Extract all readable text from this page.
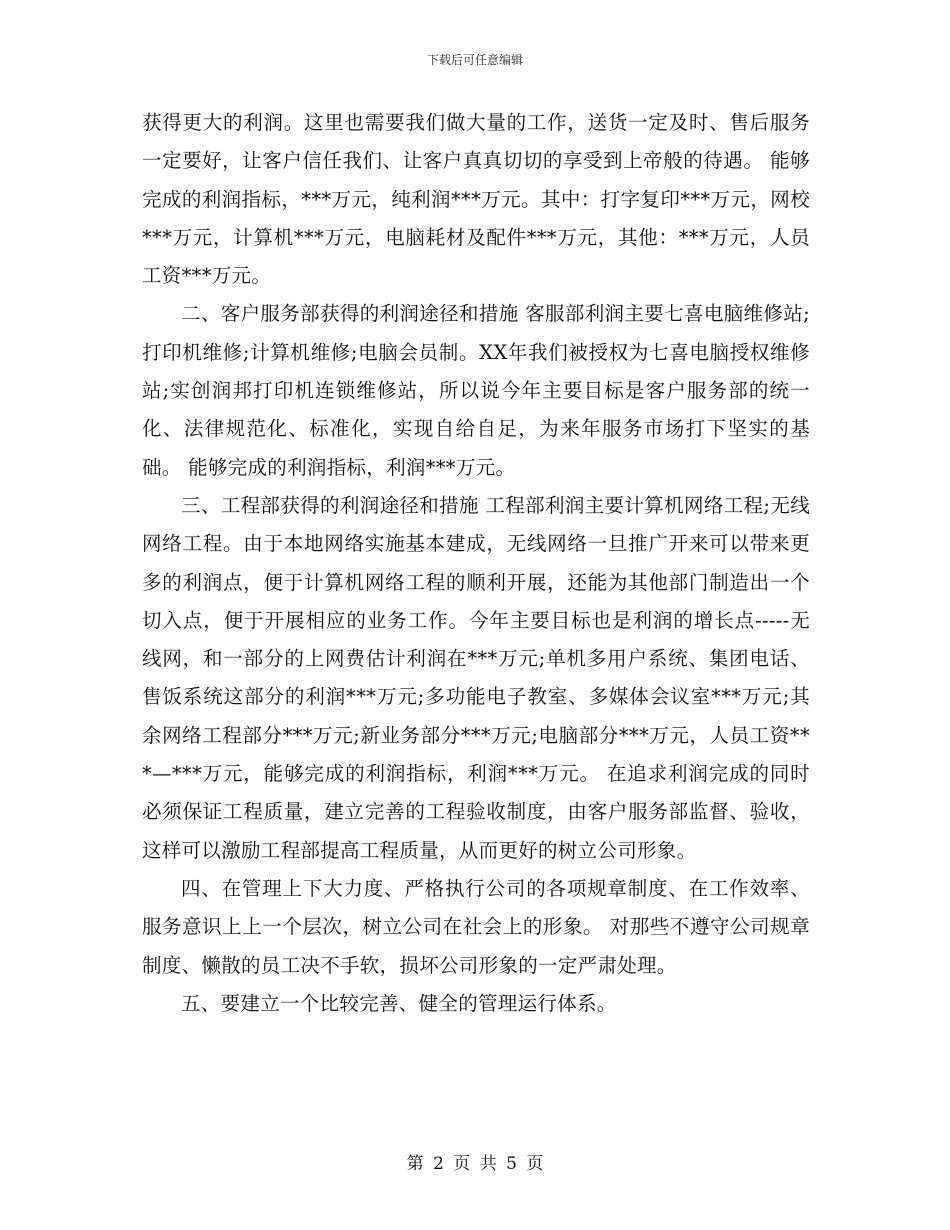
下载后可任意编辑

获得更大的利润。这里也需要我们做大量的工作，送货一定及时、售后服务一定要好，让客户信任我们、让客户真真切切的享受到上帝般的待遇。 能够完成的利润指标，***万元，纯利润***万元。其中：打字复印***万元，网校***万元，计算机***万元，电脑耗材及配件***万元，其他：***万元，人员工资***万元。

二、客户服务部获得的利润途径和措施 客服部利润主要七喜电脑维修站;打印机维修;计算机维修;电脑会员制。XX年我们被授权为七喜电脑授权维修站;实创润邦打印机连锁维修站，所以说今年主要目标是客户服务部的统一化、法律规范化、标准化，实现自给自足，为来年服务市场打下坚实的基础。 能够完成的利润指标，利润***万元。

三、工程部获得的利润途径和措施 工程部利润主要计算机网络工程;无线网络工程。由于本地网络实施基本建成，无线网络一旦推广开来可以带来更多的利润点，便于计算机网络工程的顺利开展，还能为其他部门制造出一个切入点，便于开展相应的业务工作。今年主要目标也是利润的增长点-----无线网，和一部分的上网费估计利润在***万元;单机多用户系统、集团电话、售饭系统这部分的利润***万元;多功能电子教室、多媒体会议室***万元;其余网络工程部分***万元;新业务部分***万元;电脑部分***万元，人员工资***—***万元，能够完成的利润指标，利润***万元。 在追求利润完成的同时必须保证工程质量，建立完善的工程验收制度，由客户服务部监督、验收，这样可以激励工程部提高工程质量，从而更好的树立公司形象。

四、在管理上下大力度、严格执行公司的各项规章制度、在工作效率、服务意识上上一个层次，树立公司在社会上的形象。 对那些不遵守公司规章制度、懒散的员工决不手软，损坏公司形象的一定严肃处理。

五、要建立一个比较完善、健全的管理运行体系。

第 2 页 共 5 页
